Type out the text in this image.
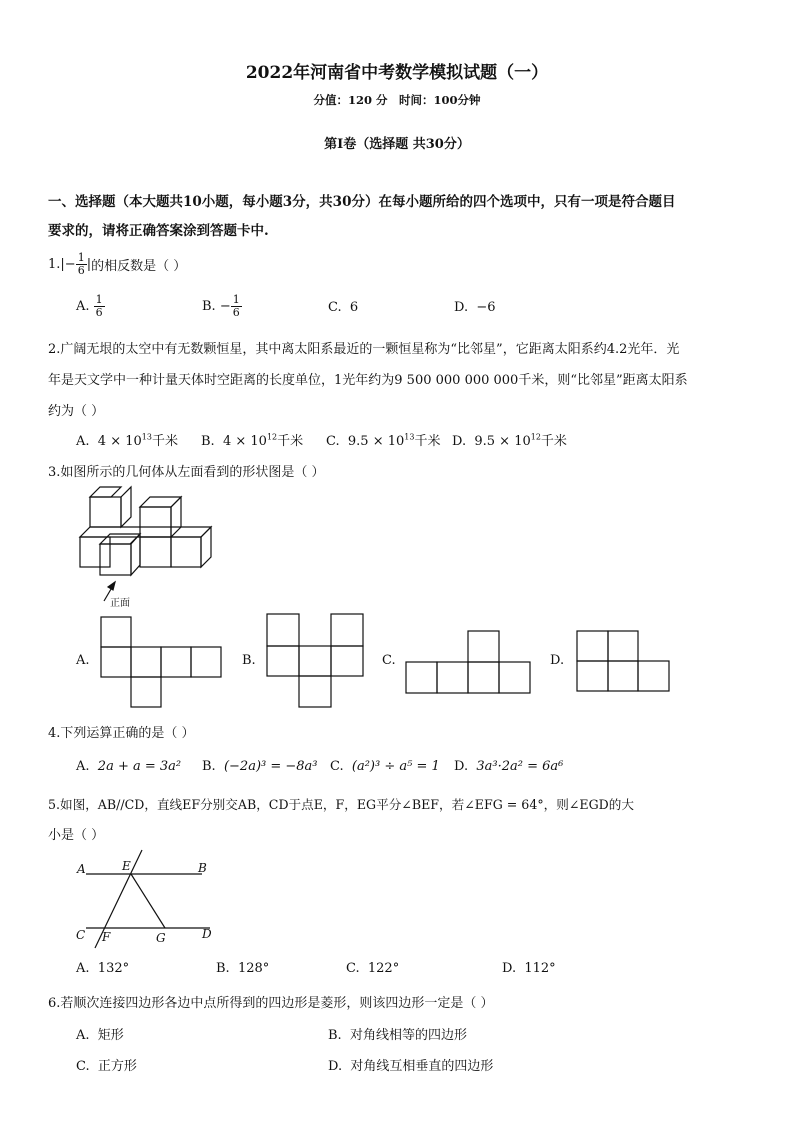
2022年河南省中考数学模拟试题（一）
分值：120 分　时间：100分钟
第Ⅰ卷（选择题 共30分）
一、选择题（本大题共10小题，每小题3分，共30分）在每小题所给的四个选项中，只有一项是符合题目
要求的，请将正确答案涂到答题卡中.
1. |− $\frac{1}{6}$ | 的相反数是（ ）
A.
$\frac{1}{6}$	B.
− $\frac{1}{6}$	C. 6	D. −6
2.广阔无垠的太空中有无数颗恒星，其中离太阳系最近的一颗恒星称为“比邻星”，它距离太阳系约4.2光年．光
年是天文学中一种计量天体时空距离的长度单位，1光年约为9 500 000 000 000千米，则“比邻星”距离太阳系
约为（ ）
A. $4 \times 10^{13}$千米 B. $4 \times 10^{12}$千米 C. $9.5 \times 10^{13}$千米 D. $9.5 \times 10^{12}$千米
3.如图所示的几何体从左面看到的形状图是（ ）
正面
A.	B.	C.	D.
4.下列运算正确的是（ ）
A. 2a + a = 3a² B. (−2a)³ = −8a³ C. (a²)³ ÷ a⁵ = 1 D. 3a³·2a² = 6a⁶
5.如图，AB//CD，直线EF分别交AB，CD于点E，F，EG平分∠BEF，若∠EFG = 64°，则∠EGD的大
小是（ ）
A	E	B
C F	G	D
A. 132°	B. 128°	C. 122°	D. 112°
6.若顺次连接四边形各边中点所得到的四边形是菱形，则该四边形一定是（ ）
A. 矩形	B. 对角线相等的四边形
C. 正方形	D. 对角线互相垂直的四边形
